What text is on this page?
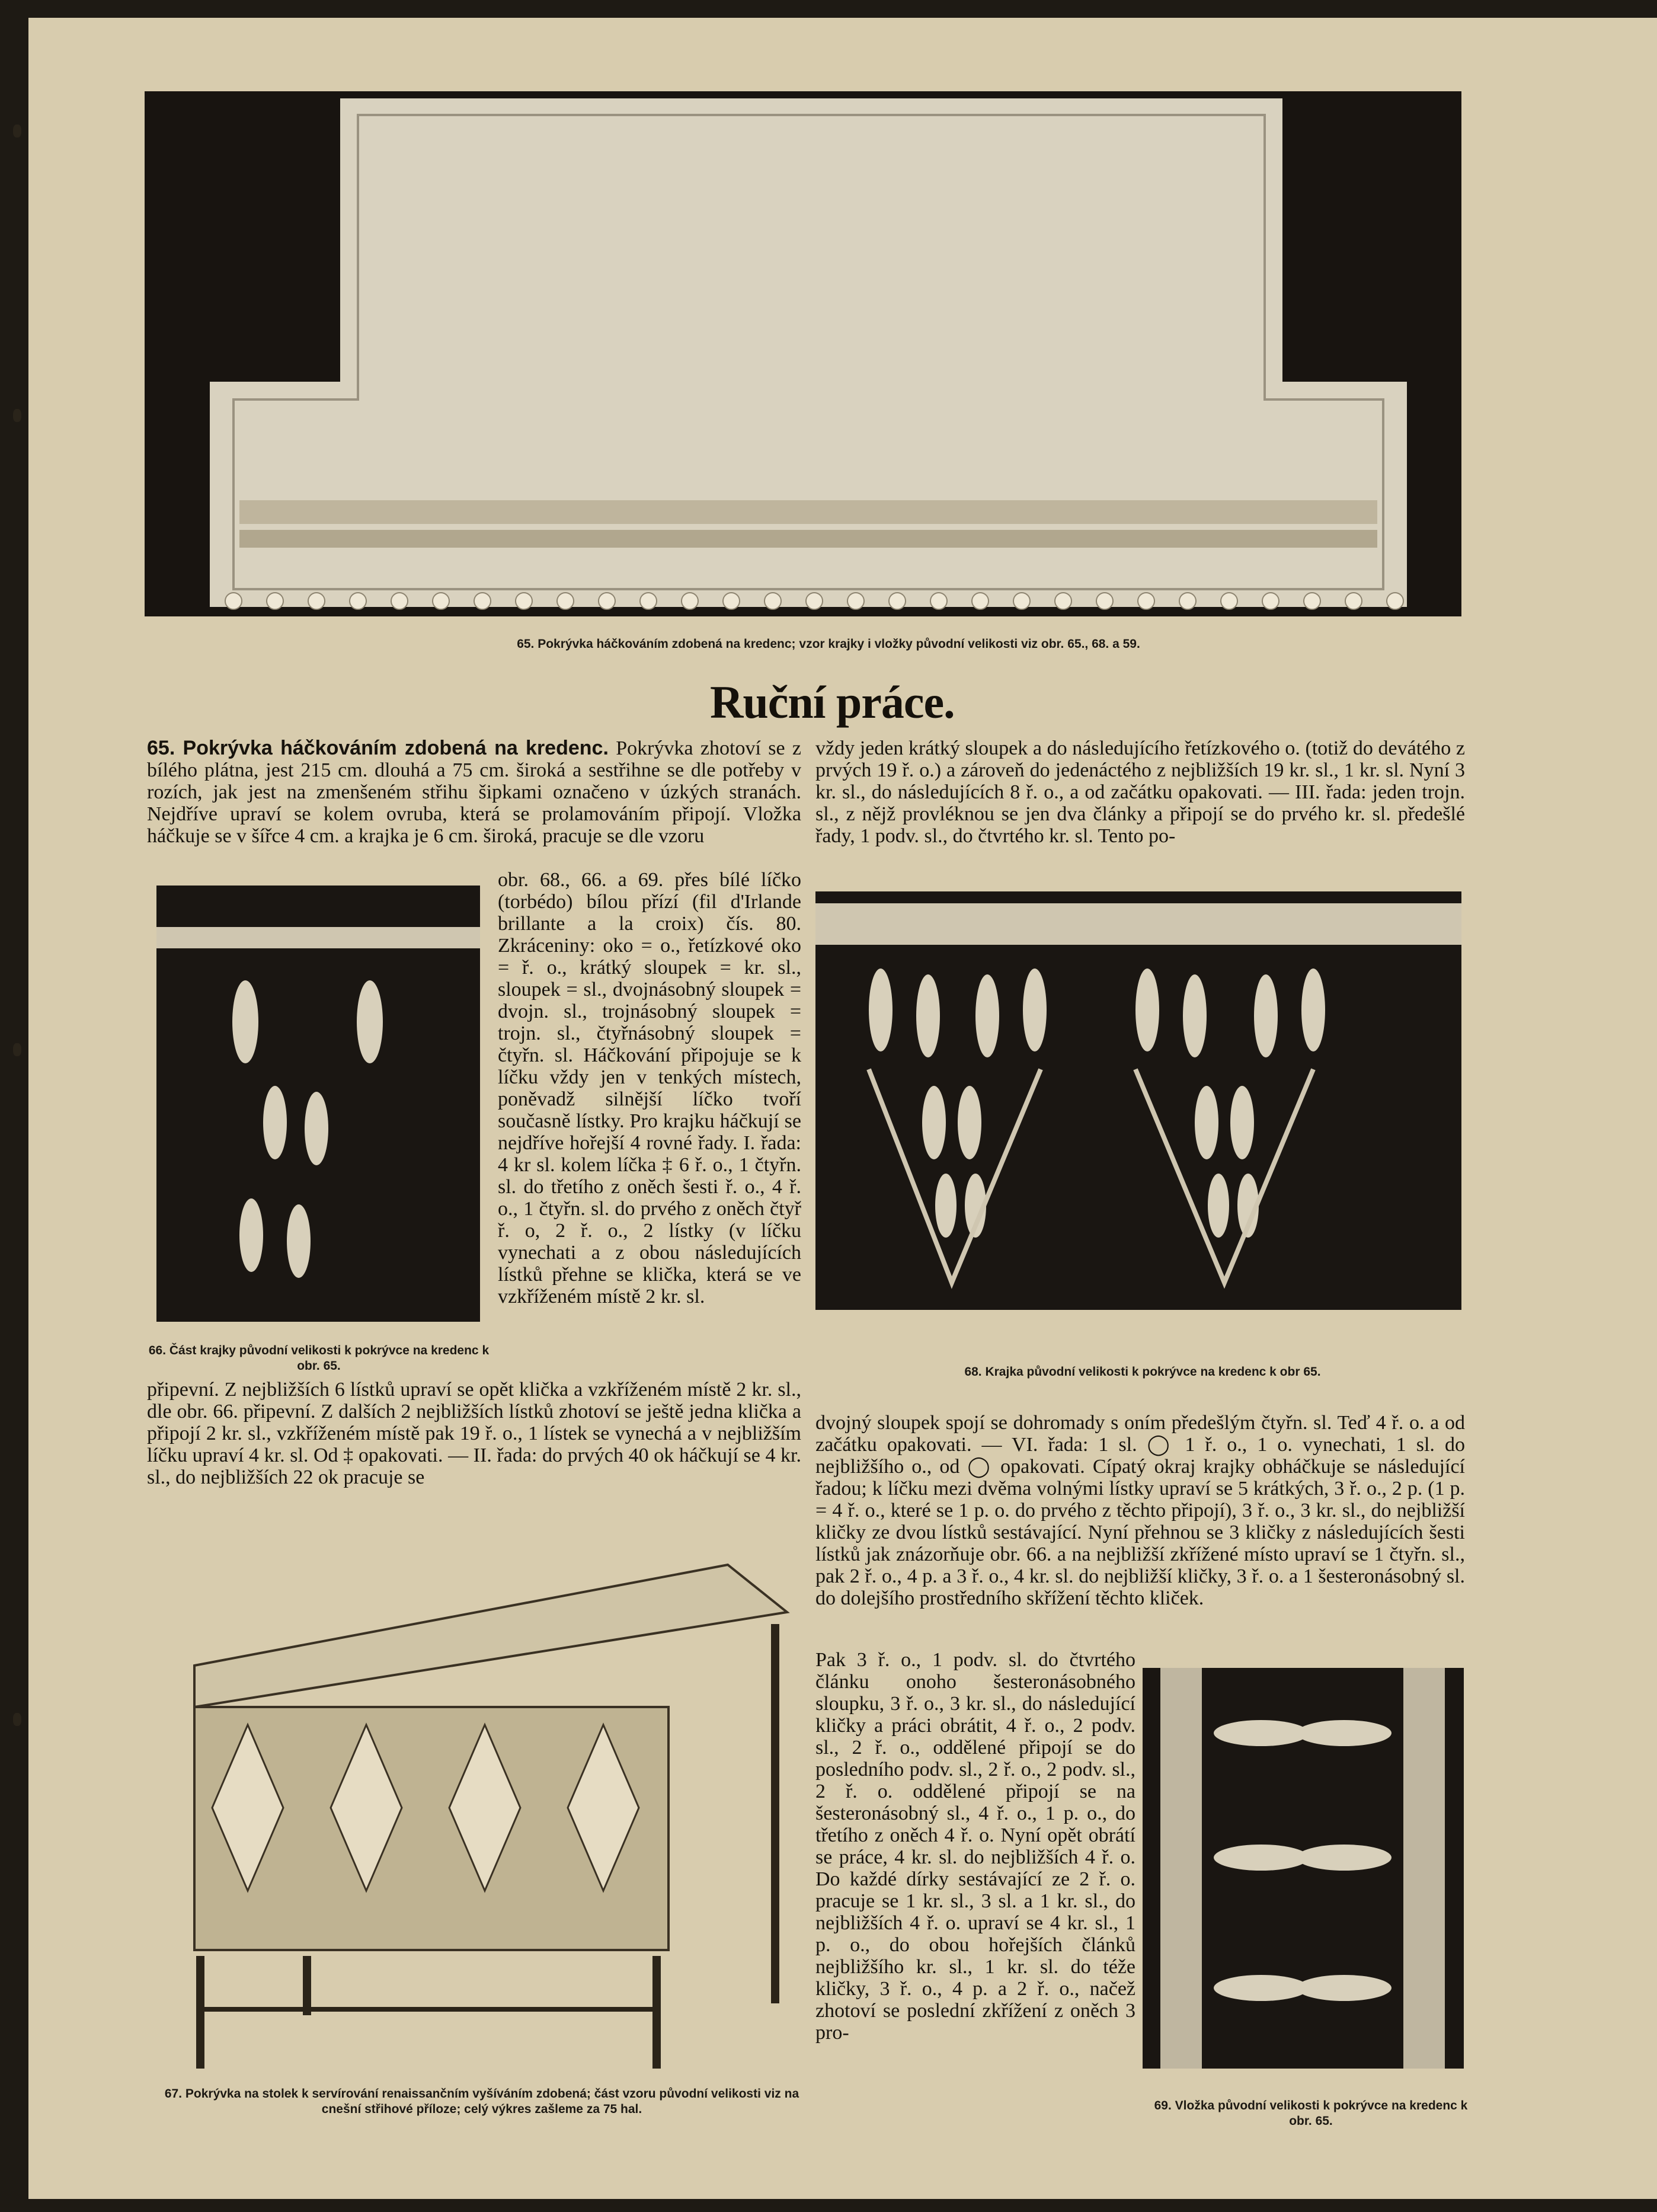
65. Pokrývka háčkováním zdobená na kredenc; vzor krajky i vložky původní velikosti viz obr. 65., 68. a 59.
Ruční práce.
65. Pokrývka háčkováním zdobená na kredenc. Pokrývka zhotoví se z bílého plátna, jest 215 cm. dlouhá a 75 cm. široká a sestřihne se dle potřeby v rozích, jak jest na zmenšeném střihu šipkami označeno v úzkých stranách. Nejdříve upraví se kolem ovruba, která se prolamováním připojí. Vložka háčkuje se v šířce 4 cm. a krajka je 6 cm. široká, pracuje se dle vzoru
66. Část krajky původní velikosti k pokrývce na kredenc k obr. 65.
obr. 68., 66. a 69. přes bílé líčko (torbédo) bílou přízí (fil d'Irlande brillante a la croix) čís. 80. Zkráceniny: oko = o., řetízkové oko = ř. o., krátký sloupek = kr. sl., sloupek = sl., dvojnásobný sloupek = dvojn. sl., trojnásobný sloupek = trojn. sl., čtyřnásobný sloupek = čtyřn. sl. Háčkování připojuje se k líčku vždy jen v tenkých místech, poněvadž silnější líčko tvoří současně lístky. Pro krajku háčkují se nejdříve hořejší 4 rovné řady. I. řada: 4 kr sl. kolem líčka ‡ 6 ř. o., 1 čtyřn. sl. do třetího z oněch šesti ř. o., 4 ř. o., 1 čtyřn. sl. do prvého z oněch čtyř ř. o, 2 ř. o., 2 lístky (v líčku vynechati a z obou následujících lístků přehne se klička, která se ve vzkříženém místě 2 kr. sl.
připevní. Z nejbližších 6 lístků upraví se opět klička a vzkříženém místě 2 kr. sl., dle obr. 66. připevní. Z dalších 2 nejbližších lístků zhotoví se ještě jedna klička a připojí 2 kr. sl., vzkříženém místě pak 19 ř. o., 1 lístek se vynechá a v nejbližším líčku upraví 4 kr. sl. Od ‡ opakovati. — II. řada: do prvých 40 ok háčkují se 4 kr. sl., do nejbližších 22 ok pracuje se
67. Pokrývka na stolek k servírování renaissančním vyšíváním zdobená; část vzoru původní velikosti viz na cnešní střihové příloze; celý výkres zašleme za 75 hal.
vždy jeden krátký sloupek a do následujícího řetízkového o. (totiž do devátého z prvých 19 ř. o.) a zároveň do jedenáctého z nejbližších 19 kr. sl., 1 kr. sl. Nyní 3 kr. sl., do následujících 8 ř. o., a od začátku opakovati. — III. řada: jeden trojn. sl., z nějž provléknou se jen dva články a připojí se do prvého kr. sl. předešlé řady, 1 podv. sl., do čtvrtého kr. sl. Tento po-
68. Krajka původní velikosti k pokrývce na kredenc k obr 65.
dvojný sloupek spojí se dohromady s oním předešlým čtyřn. sl. Teď 4 ř. o. a od začátku opakovati. — VI. řada: 1 sl. ◯ 1 ř. o., 1 o. vynechati, 1 sl. do nejbližšího o., od ◯ opakovati. Cípatý okraj krajky obháčkuje se následující řadou; k líčku mezi dvěma volnými lístky upraví se 5 krátkých, 3 ř. o., 2 p. (1 p. = 4 ř. o., které se 1 p. o. do prvého z těchto připojí), 3 ř. o., 3 kr. sl., do nejbližší kličky ze dvou lístků sestávající. Nyní přehnou se 3 kličky z následujících šesti lístků jak znázorňuje obr. 66. a na nejbližší zkřížené místo upraví se 1 čtyřn. sl., pak 2 ř. o., 4 p. a 3 ř. o., 4 kr. sl. do nejbližší kličky, 3 ř. o. a 1 šesteronásobný sl. do dolejšího prostředního skřížení těchto kliček.
Pak 3 ř. o., 1 podv. sl. do čtvrtého článku onoho šesteronásobného sloupku, 3 ř. o., 3 kr. sl., do následující kličky a práci obrátit, 4 ř. o., 2 podv. sl., 2 ř. o., oddělené připojí se do posledního podv. sl., 2 ř. o., 2 podv. sl., 2 ř. o. oddělené připojí se na šesteronásobný sl., 4 ř. o., 1 p. o., do třetího z oněch 4 ř. o. Nyní opět obrátí se práce, 4 kr. sl. do nejbližších 4 ř. o. Do každé dírky sestávající ze 2 ř. o. pracuje se 1 kr. sl., 3 sl. a 1 kr. sl., do nejbližších 4 ř. o. upraví se 4 kr. sl., 1 p. o., do obou hořejších článků nejbližšího kr. sl., 1 kr. sl. do téže kličky, 3 ř. o., 4 p. a 2 ř. o., načež zhotoví se poslední zkřížení z oněch 3 pro-
69. Vložka původní velikosti k pokrývce na kredenc k obr. 65.
